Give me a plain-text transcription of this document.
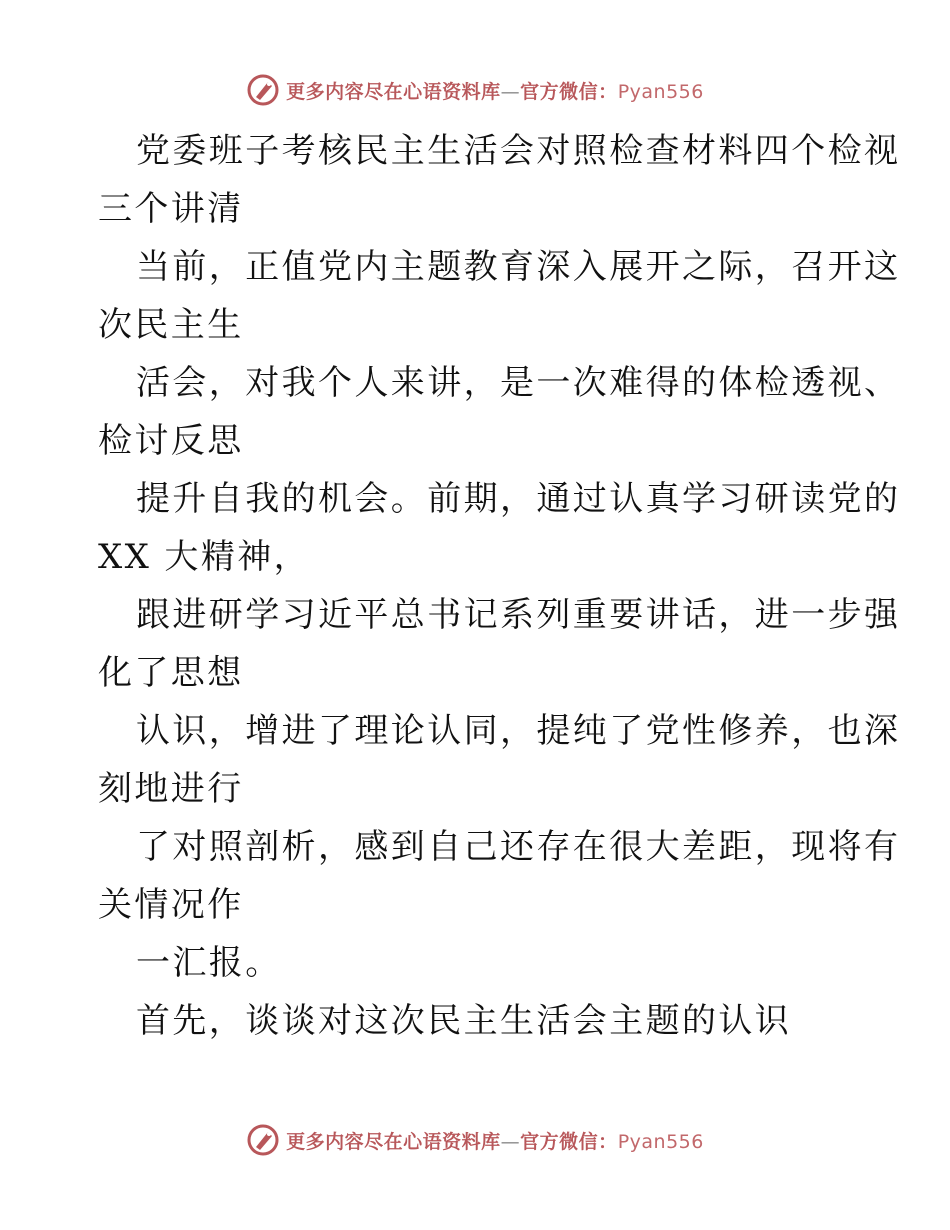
更多内容尽在心语资料库—官方微信：Pyan556
党委班子考核民主生活会对照检查材料四个检视
三个讲清
当前，正值党内主题教育深入展开之际，召开这
次民主生
活会，对我个人来讲，是一次难得的体检透视、
检讨反思
提升自我的机会。前期，通过认真学习研读党的
XX 大精神，
跟进研学习近平总书记系列重要讲话，进一步强
化了思想
认识，增进了理论认同，提纯了党性修养，也深
刻地进行
了对照剖析，感到自己还存在很大差距，现将有
关情况作
一汇报。
首先，谈谈对这次民主生活会主题的认识
更多内容尽在心语资料库—官方微信：Pyan556
